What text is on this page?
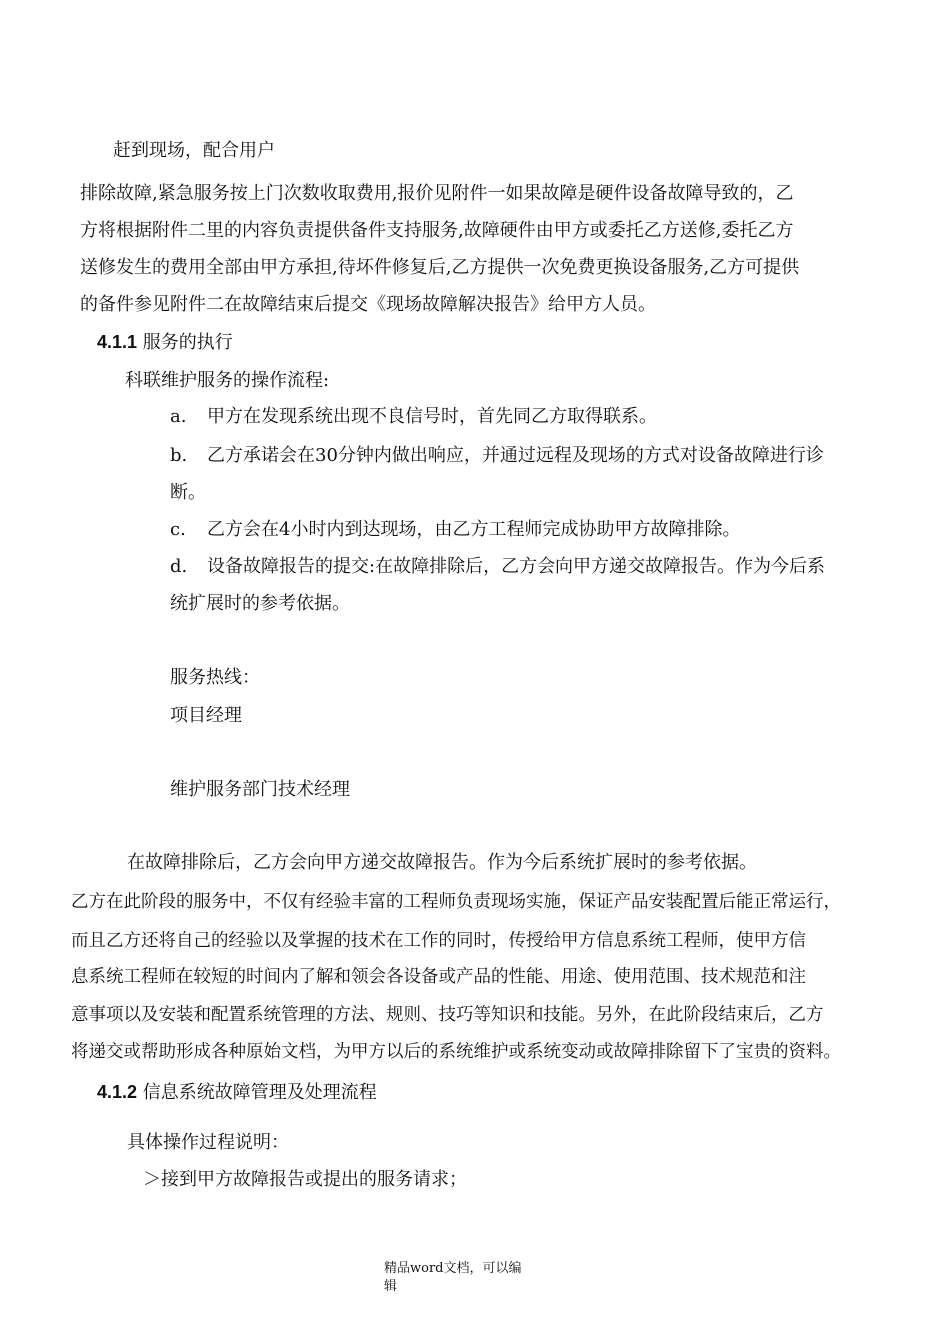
赶到现场，配合用户
排除故障,紧急服务按上门次数收取费用,报价见附件一如果故障是硬件设备故障导致的，乙
方将根据附件二里的内容负责提供备件支持服务,故障硬件由甲方或委托乙方送修,委托乙方
送修发生的费用全部由甲方承担,待坏件修复后,乙方提供一次免费更换设备服务,乙方可提供
的备件参见附件二在故障结束后提交《现场故障解决报告》给甲方人员。
4.1.1 服务的执行
科联维护服务的操作流程:
a. 甲方在发现系统出现不良信号时，首先同乙方取得联系。
b. 乙方承诺会在30分钟内做出响应，并通过远程及现场的方式对设备故障进行诊
断。
c. 乙方会在4小时内到达现场，由乙方工程师完成协助甲方故障排除。
d. 设备故障报告的提交:在故障排除后，乙方会向甲方递交故障报告。作为今后系
统扩展时的参考依据。
服务热线：
项目经理
维护服务部门技术经理
在故障排除后，乙方会向甲方递交故障报告。作为今后系统扩展时的参考依据。
乙方在此阶段的服务中，不仅有经验丰富的工程师负责现场实施，保证产品安装配置后能正常运行，
而且乙方还将自己的经验以及掌握的技术在工作的同时，传授给甲方信息系统工程师，使甲方信
息系统工程师在较短的时间内了解和领会各设备或产品的性能、用途、使用范围、技术规范和注
意事项以及安装和配置系统管理的方法、规则、技巧等知识和技能。另外，在此阶段结束后，乙方
将递交或帮助形成各种原始文档，为甲方以后的系统维护或系统变动或故障排除留下了宝贵的资料。
4.1.2 信息系统故障管理及处理流程
具体操作过程说明：
＞接到甲方故障报告或提出的服务请求；
精品word文档，可以编
辑
